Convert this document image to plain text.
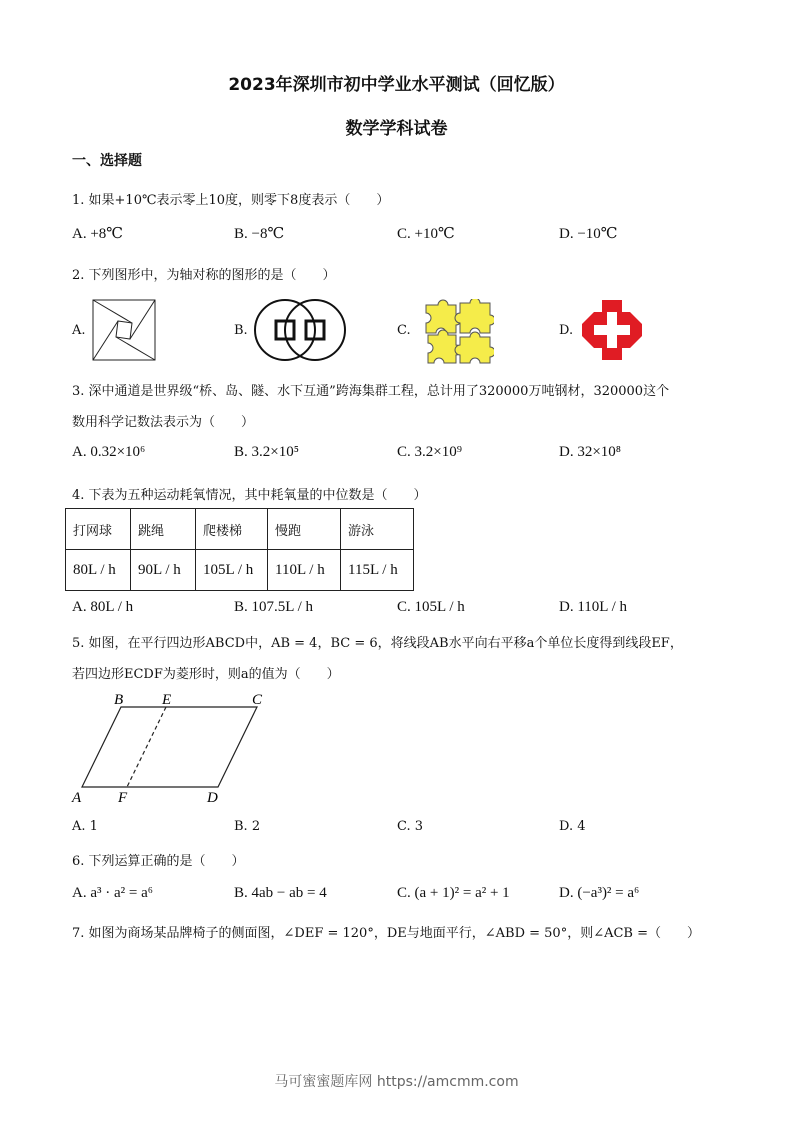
2023年深圳市初中学业水平测试（回忆版）
数学学科试卷
一、选择题
1. 如果+10℃表示零上10度，则零下8度表示（　　）
A. +8℃	B. −8℃	C. +10℃	D. −10℃
2. 下列图形中，为轴对称的图形的是（　　）
A.	B.	C.	D.
3. 深中通道是世界级“桥、岛、隧、水下互通”跨海集群工程，总计用了320000万吨钢材，320000这个
数用科学记数法表示为（　　）
A. 0.32×10⁶	B. 3.2×10⁵	C. 3.2×10⁹	D. 32×10⁸
4. 下表为五种运动耗氧情况，其中耗氧量的中位数是（　　）
打网球	跳绳	爬楼梯	慢跑	游泳
80L / h	90L / h	105L / h	110L / h	115L / h
A. 80L / h	B. 107.5L / h	C. 105L / h	D. 110L / h
5. 如图，在平行四边形ABCD中，AB = 4，BC = 6，将线段AB水平向右平移a个单位长度得到线段EF，
若四边形ECDF为菱形时，则a的值为（　　）
B	E	C
A F	D
A. 1	B. 2	C. 3	D. 4
6. 下列运算正确的是（　　）
A. a³ · a² = a⁶	B. 4ab − ab = 4	C. (a + 1)² = a² + 1	D. (−a³)² = a⁶
7. 如图为商场某品牌椅子的侧面图，∠DEF = 120°，DE与地面平行，∠ABD = 50°，则∠ACB =（　　）
马可蜜蜜题库网 https://amcmm.com
